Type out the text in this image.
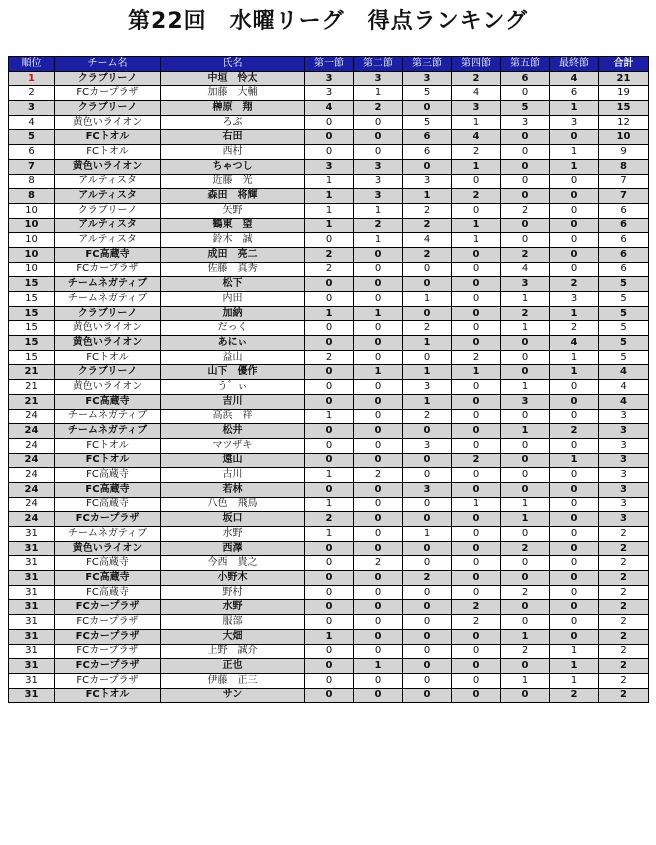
第22回　水曜リーグ　得点ランキング
順位	チーム名	氏名	第一節	第二節	第三節	第四節	第五節	最終節	合計
1	クラブリーノ	中垣　怜太	3	3	3	2	6	4	21
2	FCカープラザ	加藤　大輔	3	1	5	4	0	6	19
3	クラブリーノ	榊原　翔	4	2	0	3	5	1	15
4	黄色いライオン	ろぶ	0	0	5	1	3	3	12
5	FCトオル	右田	0	0	6	4	0	0	10
6	FCトオル	西村	0	0	6	2	0	1	9
7	黄色いライオン	ちゃつし	3	3	0	1	0	1	8
8	アルティスタ	近藤　光	1	3	3	0	0	0	7
8	アルティスタ	森田　将輝	1	3	1	2	0	0	7
10	クラブリーノ	矢野	1	1	2	0	2	0	6
10	アルティスタ	鶴東　望	1	2	2	1	0	0	6
10	アルティスタ	鈴木　誠	0	1	4	1	0	0	6
10	FC高蔵寺	成田　亮二	2	0	2	0	2	0	6
10	FCカープラザ	佐藤　真秀	2	0	0	0	4	0	6
15	チームネガティブ	松下	0	0	0	0	3	2	5
15	チームネガティブ	内田	0	0	1	0	1	3	5
15	クラブリーノ	加納	1	1	0	0	2	1	5
15	黄色いライオン	だっく	0	0	2	0	1	2	5
15	黄色いライオン	あにぃ	0	0	1	0	0	4	5
15	FCトオル	益山	2	0	0	2	0	1	5
21	クラブリーノ	山下　優作	0	1	1	1	0	1	4
21	黄色いライオン	う゛ぃ	0	0	3	0	1	0	4
21	FC高蔵寺	吉川	0	0	1	0	3	0	4
24	チームネガティブ	高浜　祥	1	0	2	0	0	0	3
24	チームネガティブ	松井	0	0	0	0	1	2	3
24	FCトオル	マツザキ	0	0	3	0	0	0	3
24	FCトオル	遠山	0	0	0	2	0	1	3
24	FC高蔵寺	古川	1	2	0	0	0	0	3
24	FC高蔵寺	若林	0	0	3	0	0	0	3
24	FC高蔵寺	八色　飛鳥	1	0	0	1	1	0	3
24	FCカープラザ	坂口	2	0	0	0	1	0	3
31	チームネガティブ	水野	1	0	1	0	0	0	2
31	黄色いライオン	西澤	0	0	0	0	2	0	2
31	FC高蔵寺	今西　貴之	0	2	0	0	0	0	2
31	FC高蔵寺	小野木	0	0	2	0	0	0	2
31	FC高蔵寺	野村	0	0	0	0	2	0	2
31	FCカープラザ	水野	0	0	0	2	0	0	2
31	FCカープラザ	服部	0	0	0	2	0	0	2
31	FCカープラザ	大畑	1	0	0	0	1	0	2
31	FCカープラザ	上野　誠介	0	0	0	0	2	1	2
31	FCカープラザ	正也	0	1	0	0	0	1	2
31	FCカープラザ	伊藤　正三	0	0	0	0	1	1	2
31	FCトオル	サン	0	0	0	0	0	2	2
